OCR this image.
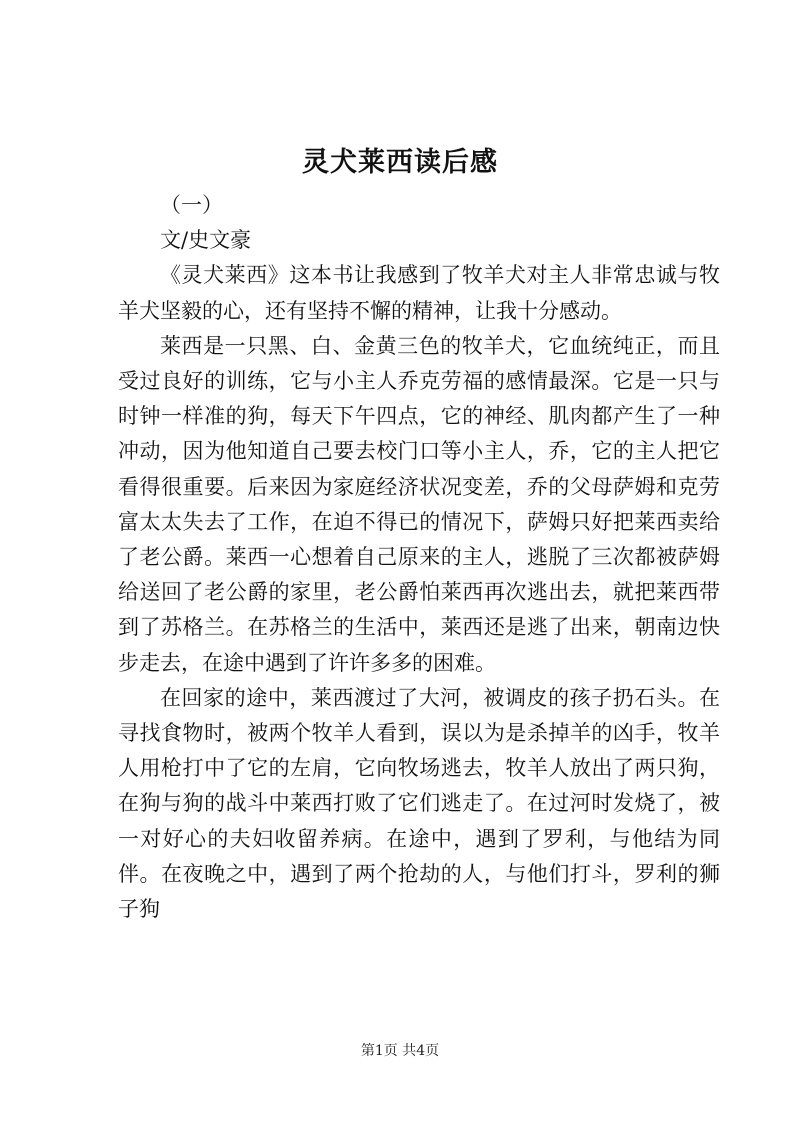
灵犬莱西读后感

（一）

文/史文豪

《灵犬莱西》这本书让我感到了牧羊犬对主人非常忠诚与牧羊犬坚毅的心，还有坚持不懈的精神，让我十分感动。

莱西是一只黑、白、金黄三色的牧羊犬，它血统纯正，而且受过良好的训练，它与小主人乔克劳福的感情最深。它是一只与时钟一样准的狗，每天下午四点，它的神经、肌肉都产生了一种冲动，因为他知道自己要去校门口等小主人，乔，它的主人把它看得很重要。后来因为家庭经济状况变差，乔的父母萨姆和克劳富太太失去了工作，在迫不得已的情况下，萨姆只好把莱西卖给了老公爵。莱西一心想着自己原来的主人，逃脱了三次都被萨姆给送回了老公爵的家里，老公爵怕莱西再次逃出去，就把莱西带到了苏格兰。在苏格兰的生活中，莱西还是逃了出来，朝南边快步走去，在途中遇到了许许多多的困难。

在回家的途中，莱西渡过了大河，被调皮的孩子扔石头。在寻找食物时，被两个牧羊人看到，误以为是杀掉羊的凶手，牧羊人用枪打中了它的左肩，它向牧场逃去，牧羊人放出了两只狗，在狗与狗的战斗中莱西打败了它们逃走了。在过河时发烧了，被一对好心的夫妇收留养病。在途中，遇到了罗利，与他结为同伴。在夜晚之中，遇到了两个抢劫的人，与他们打斗，罗利的狮子狗

第1页 共4页
